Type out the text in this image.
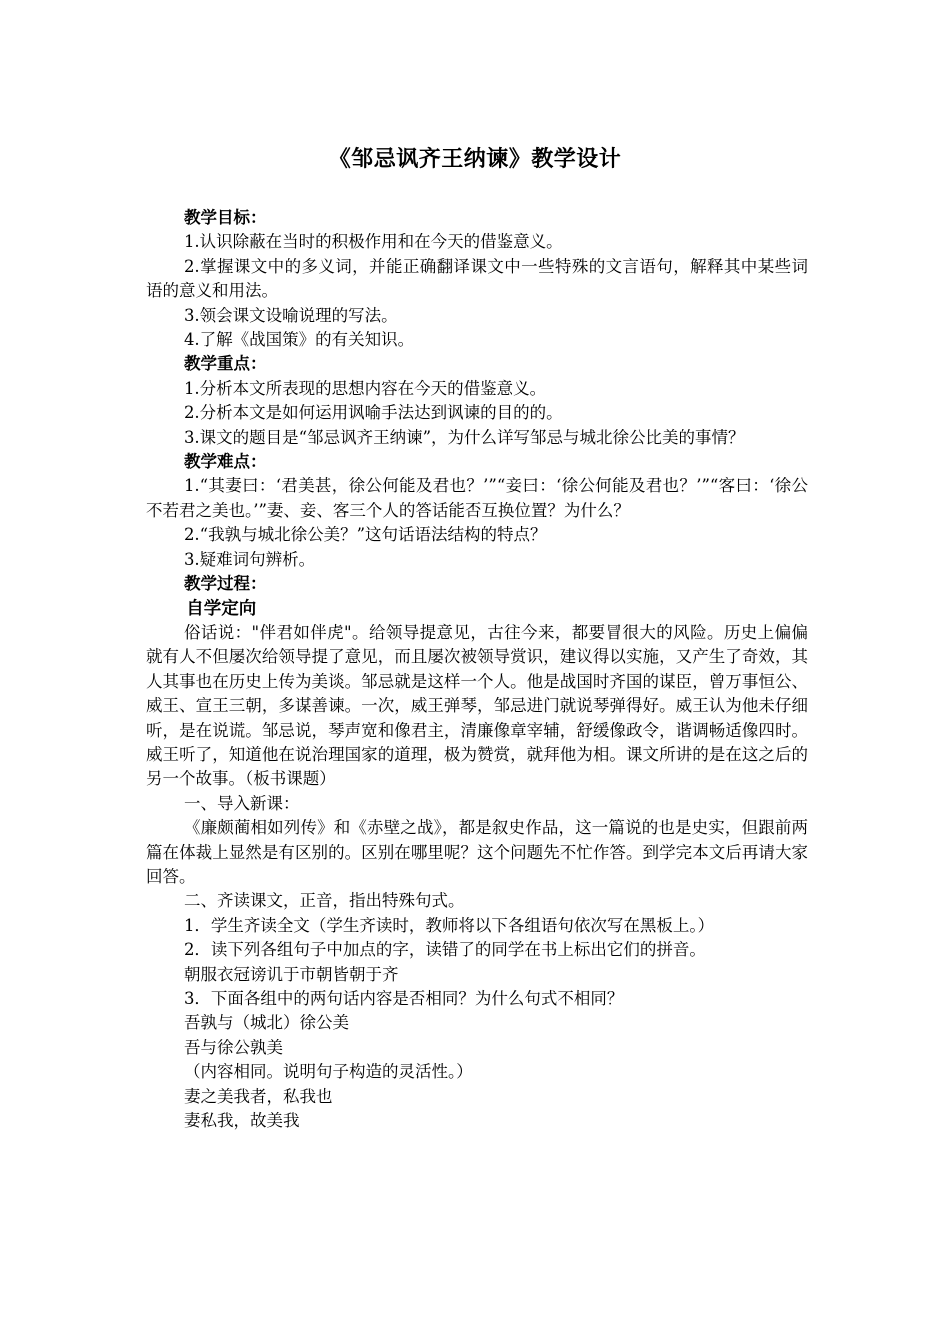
《邹忌讽齐王纳谏》教学设计

教学目标：

1.认识除蔽在当时的积极作用和在今天的借鉴意义。

2.掌握课文中的多义词，并能正确翻译课文中一些特殊的文言语句，解释其中某些词语的意义和用法。

3.领会课文设喻说理的写法。

4.了解《战国策》的有关知识。

教学重点：

1.分析本文所表现的思想内容在今天的借鉴意义。

2.分析本文是如何运用讽喻手法达到讽谏的目的的。

3.课文的题目是“邹忌讽齐王纳谏”，为什么详写邹忌与城北徐公比美的事情？

教学难点：

1.“其妻曰：‘君美甚，徐公何能及君也？’”“妾曰：‘徐公何能及君也？’”“客曰：‘徐公不若君之美也。’”妻、妾、客三个人的答话能否互换位置？为什么？

2.“我孰与城北徐公美？”这句话语法结构的特点？

3.疑难词句辨析。

教学过程：

自学定向

俗话说："伴君如伴虎"。给领导提意见，古往今来，都要冒很大的风险。历史上偏偏就有人不但屡次给领导提了意见，而且屡次被领导赏识，建议得以实施，又产生了奇效，其人其事也在历史上传为美谈。邹忌就是这样一个人。他是战国时齐国的谋臣，曾万事恒公、威王、宣王三朝，多谋善谏。一次，威王弹琴，邹忌进门就说琴弹得好。威王认为他未仔细听，是在说谎。邹忌说，琴声宽和像君主，清廉像章宰辅，舒缓像政令，谐调畅适像四时。威王听了，知道他在说治理国家的道理，极为赞赏，就拜他为相。课文所讲的是在这之后的另一个故事。（板书课题）

一、导入新课：

《廉颇蔺相如列传》和《赤壁之战》，都是叙史作品，这一篇说的也是史实，但跟前两篇在体裁上显然是有区别的。区别在哪里呢？这个问题先不忙作答。到学完本文后再请大家回答。

二、齐读课文，正音，指出特殊句式。

1．学生齐读全文（学生齐读时，教师将以下各组语句依次写在黑板上。）

2．读下列各组句子中加点的字，读错了的同学在书上标出它们的拼音。

朝服衣冠谤讥于市朝皆朝于齐

3．下面各组中的两句话内容是否相同？为什么句式不相同？

吾孰与（城北）徐公美

吾与徐公孰美

（内容相同。说明句子构造的灵活性。）

妻之美我者，私我也

妻私我，故美我
